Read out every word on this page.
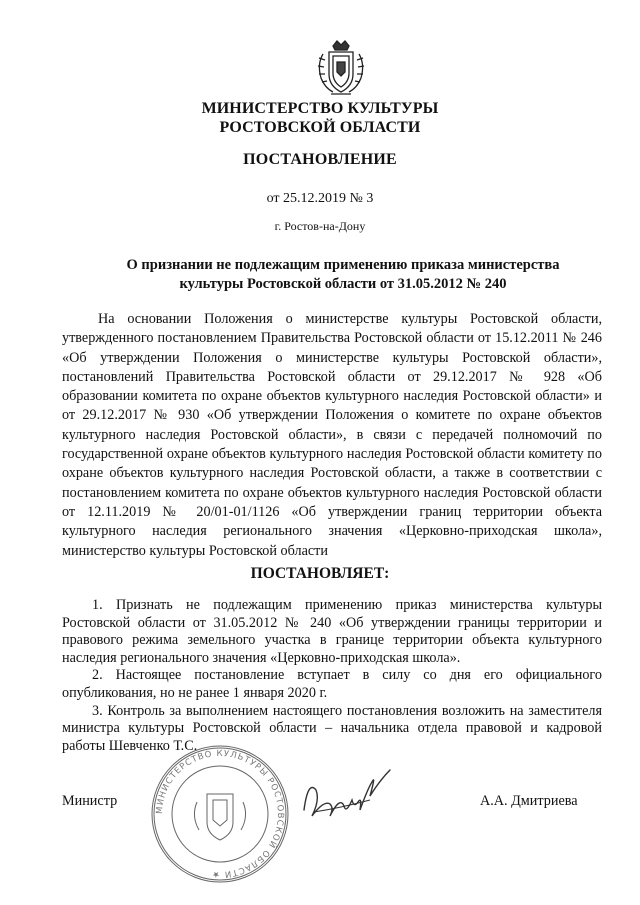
МИНИСТЕРСТВО КУЛЬТУРЫ
РОСТОВСКОЙ ОБЛАСТИ
ПОСТАНОВЛЕНИЕ
от 25.12.2019 № 3
г. Ростов-на-Дону
О признании не подлежащим применению приказа министерства
культуры Ростовской области от 31.05.2012 № 240

На основании Положения о министерстве культуры Ростовской области, утвержденного постановлением Правительства Ростовской области от 15.12.2011 № 246 «Об утверждении Положения о министерстве культуры Ростовской области», постановлений Правительства Ростовской области от 29.12.2017 № 928 «Об образовании комитета по охране объектов культурного наследия Ростовской области» и от 29.12.2017 № 930 «Об утверждении Положения о комитете по охране объектов культурного наследия Ростовской области», в связи с передачей полномочий по государственной охране объектов культурного наследия Ростовской области комитету по охране объектов культурного наследия Ростовской области, а также в соответствии с постановлением комитета по охране объектов культурного наследия Ростовской области от 12.11.2019 № 20/01-01/1126 «Об утверждении границ территории объекта культурного наследия регионального значения «Церковно-приходская школа», министерство культуры Ростовской области

ПОСТАНОВЛЯЕТ:

1. Признать не подлежащим применению приказ министерства культуры Ростовской области от 31.05.2012 № 240 «Об утверждении границы территории и правового режима земельного участка в границе территории объекта культурного наследия регионального значения «Церковно-приходская школа».

2. Настоящее постановление вступает в силу со дня его официального опубликования, но не ранее 1 января 2020 г.

3. Контроль за выполнением настоящего постановления возложить на заместителя министра культуры Ростовской области – начальника отдела правовой и кадровой работы Шевченко Т.С.

МИНИСТЕРСТВО КУЛЬТУРЫ РОСТОВСКОЙ ОБЛАСТИ ★
Министр	А.А. Дмитриева
